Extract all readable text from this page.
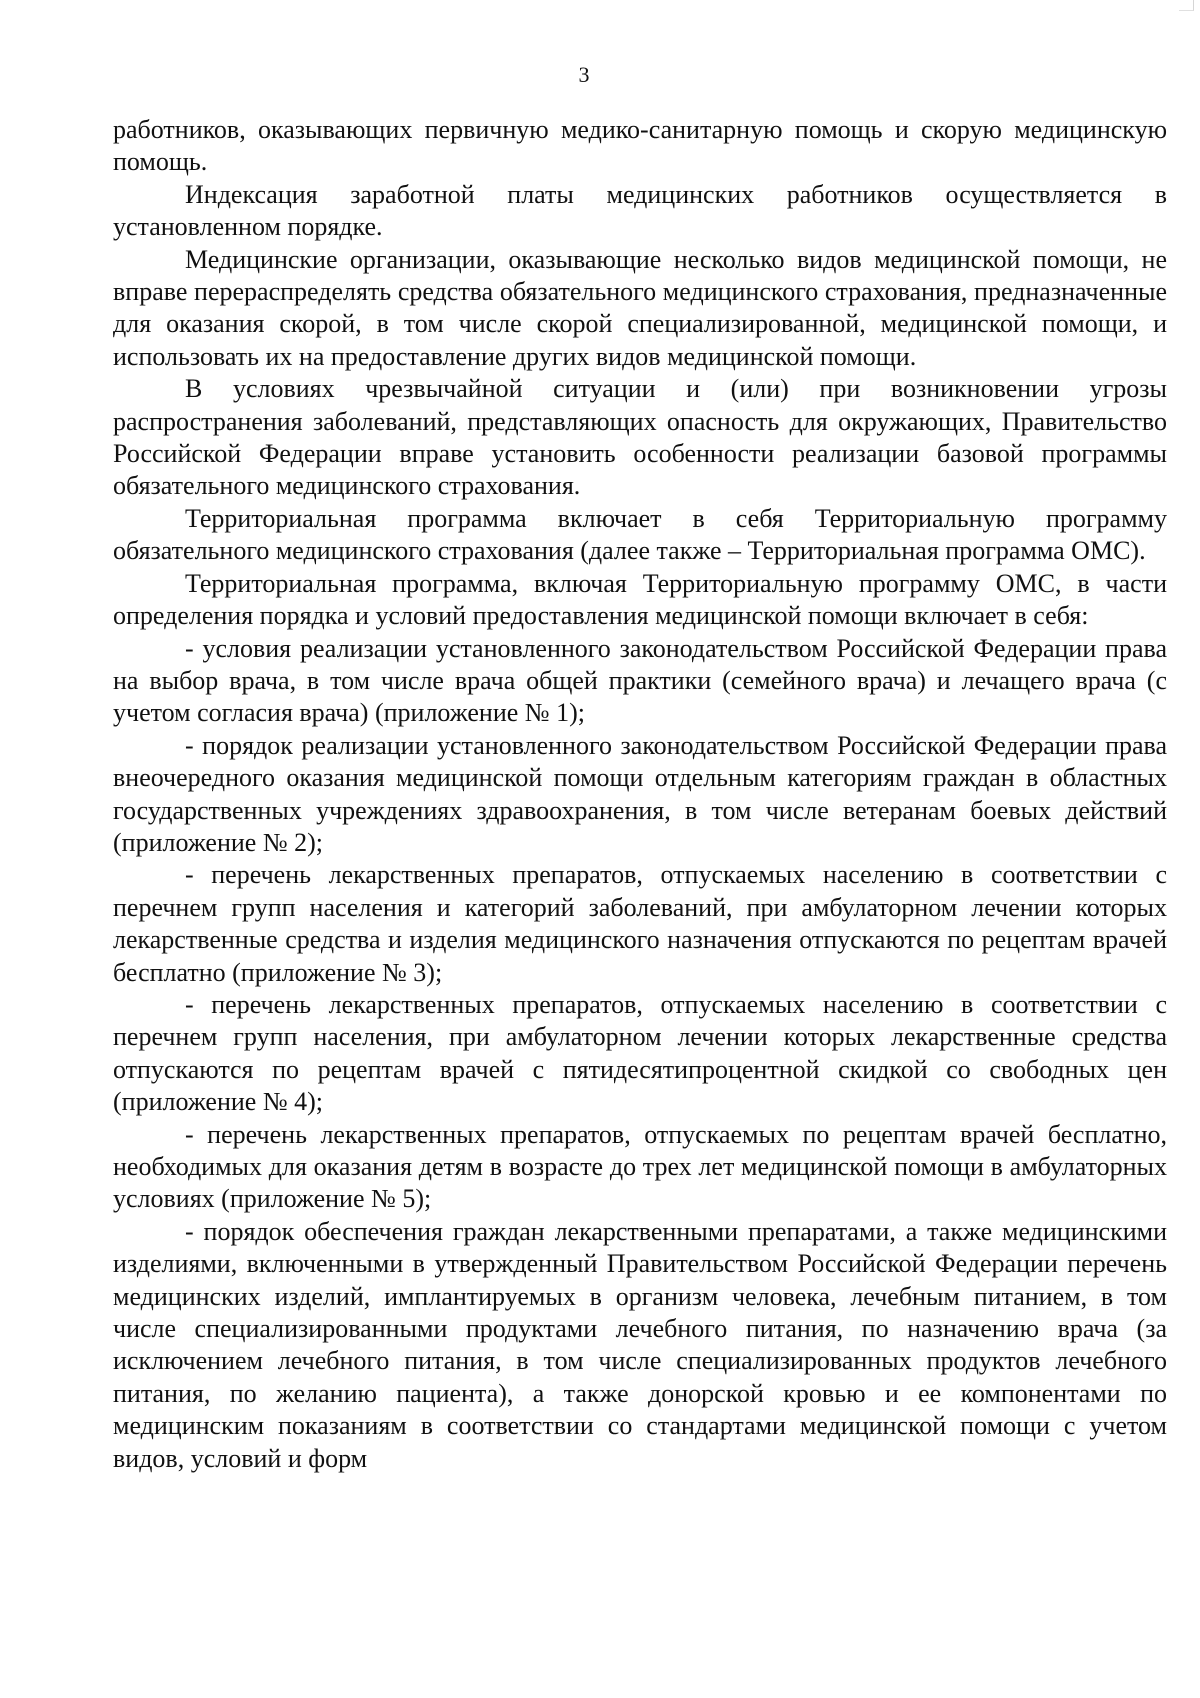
3

работников, оказывающих первичную медико-санитарную помощь и скорую медицинскую помощь.

Индексация заработной платы медицинских работников осуществляется в установленном порядке.

Медицинские организации, оказывающие несколько видов медицинской помощи, не вправе перераспределять средства обязательного медицинского страхования, предназначенные для оказания скорой, в том числе скорой специализированной, медицинской помощи, и использовать их на предоставление других видов медицинской помощи.

В условиях чрезвычайной ситуации и (или) при возникновении угрозы распространения заболеваний, представляющих опасность для окружающих, Правительство Российской Федерации вправе установить особенности реализации базовой программы обязательного медицинского страхования.

Территориальная программа включает в себя Территориальную программу обязательного медицинского страхования (далее также – Территориальная программа ОМС).

Территориальная программа, включая Территориальную программу ОМС, в части определения порядка и условий предоставления медицинской помощи включает в себя:

- условия реализации установленного законодательством Российской Федерации права на выбор врача, в том числе врача общей практики (семейного врача) и лечащего врача (с учетом согласия врача) (приложение № 1);

- порядок реализации установленного законодательством Российской Федерации права внеочередного оказания медицинской помощи отдельным категориям граждан в областных государственных учреждениях здравоохранения, в том числе ветеранам боевых действий (приложение № 2);

- перечень лекарственных препаратов, отпускаемых населению в соответствии с перечнем групп населения и категорий заболеваний, при амбулаторном лечении которых лекарственные средства и изделия медицинского назначения отпускаются по рецептам врачей бесплатно (приложение № 3);

- перечень лекарственных препаратов, отпускаемых населению в соответствии с перечнем групп населения, при амбулаторном лечении которых лекарственные средства отпускаются по рецептам врачей с пятидесятипроцентной скидкой со свободных цен (приложение № 4);

- перечень лекарственных препаратов, отпускаемых по рецептам врачей бесплатно, необходимых для оказания детям в возрасте до трех лет медицинской помощи в амбулаторных условиях (приложение № 5);

- порядок обеспечения граждан лекарственными препаратами, а также медицинскими изделиями, включенными в утвержденный Правительством Российской Федерации перечень медицинских изделий, имплантируемых в организм человека, лечебным питанием, в том числе специализированными продуктами лечебного питания, по назначению врача (за исключением лечебного питания, в том числе специализированных продуктов лечебного питания, по желанию пациента), а также донорской кровью и ее компонентами по медицинским показаниям в соответствии со стандартами медицинской помощи с учетом видов, условий и форм
